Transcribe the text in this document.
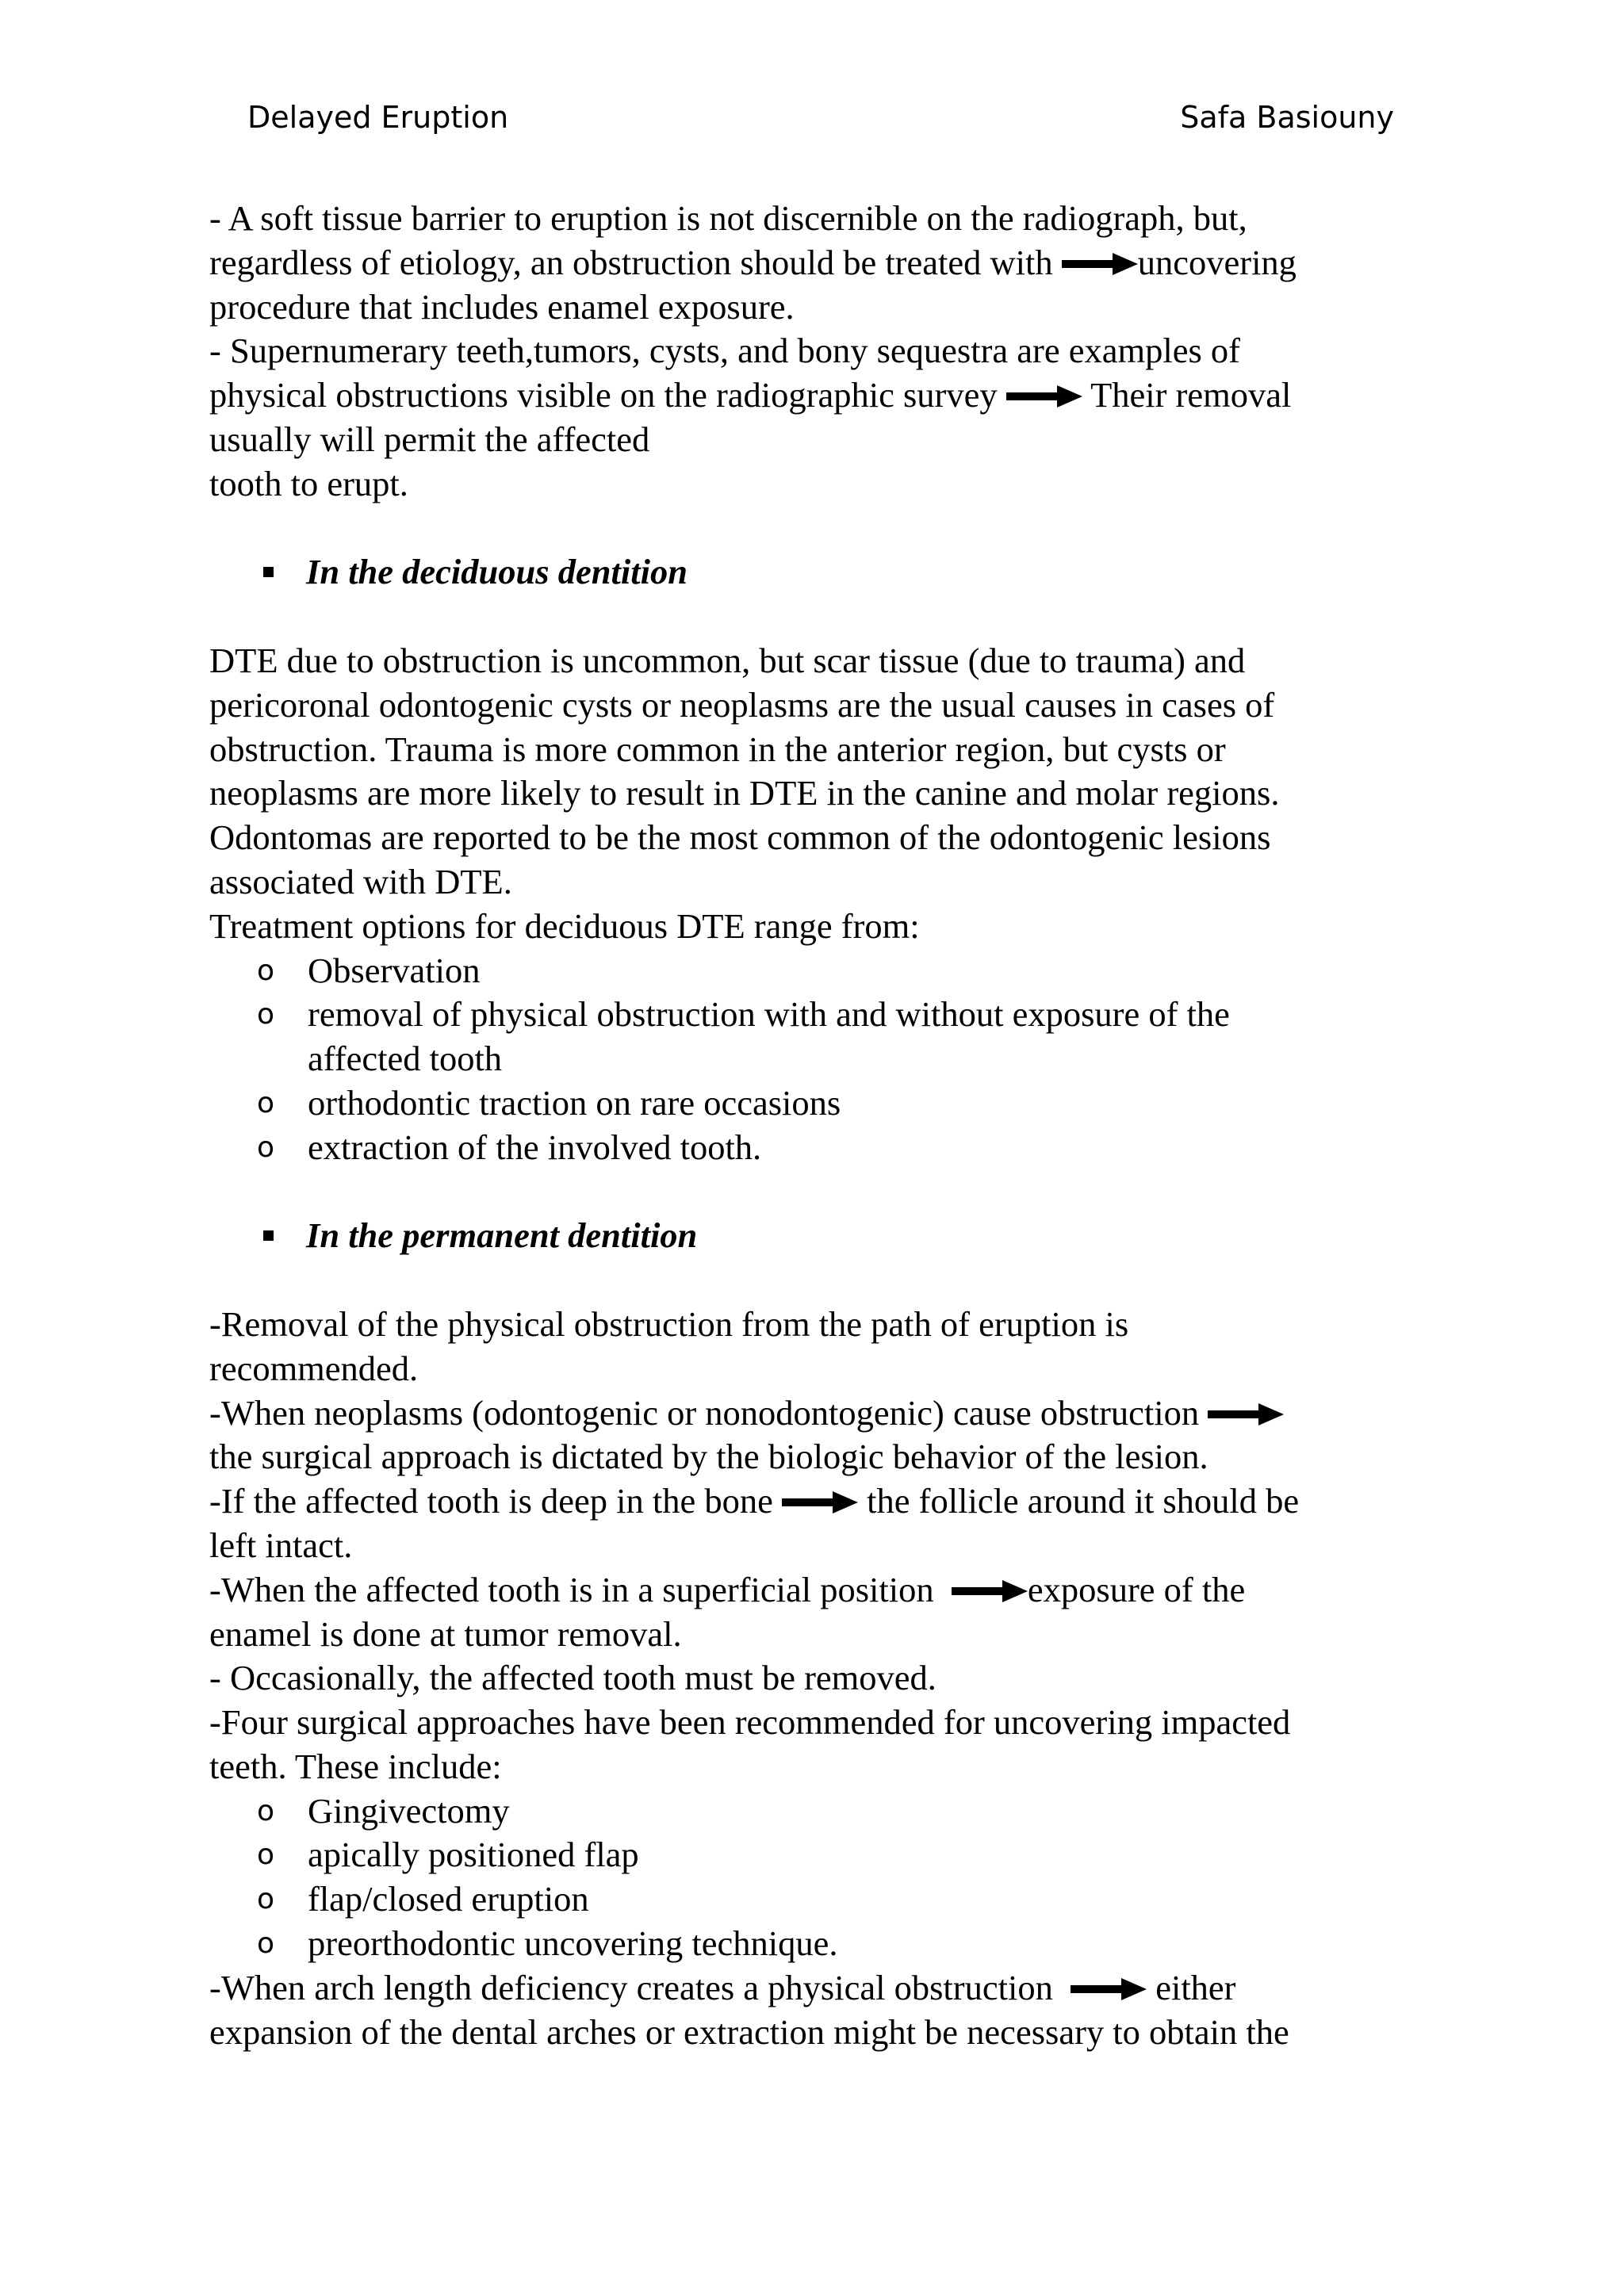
Delayed Eruption	Safa Basiouny
- A soft tissue barrier to eruption is not discernible on the radiograph, but,
regardless of etiology, an obstruction should be treated with uncovering
procedure that includes enamel exposure.
- Supernumerary teeth,tumors, cysts, and bony sequestra are examples of
physical obstructions visible on the radiographic survey
Their removal
usually will permit the affected
tooth to erupt.
In the deciduous dentition
DTE due to obstruction is uncommon, but scar tissue (due to trauma) and
pericoronal odontogenic cysts or neoplasms are the usual causes in cases of
obstruction. Trauma is more common in the anterior region, but cysts or
neoplasms are more likely to result in DTE in the canine and molar regions.
Odontomas are reported to be the most common of the odontogenic lesions
associated with DTE.
Treatment options for deciduous DTE range from:
o Observation
o removal of physical obstruction with and without exposure of the
affected tooth
o orthodontic traction on rare occasions
o extraction of the involved tooth.
In the permanent dentition
-Removal of the physical obstruction from the path of eruption is
recommended.
-When neoplasms (odontogenic or nonodontogenic) cause obstruction
the surgical approach is dictated by the biologic behavior of the lesion.
-If the affected tooth is deep in the bone
the follicle around it should be
left intact.
-When the affected tooth is in a superficial position	exposure of the
enamel is done at tumor removal.
- Occasionally, the affected tooth must be removed.
-Four surgical approaches have been recommended for uncovering impacted
teeth. These include:
o Gingivectomy
o apically positioned flap
o flap/closed eruption
o preorthodontic uncovering technique.
-When arch length deficiency creates a physical obstruction	either
expansion of the dental arches or extraction might be necessary to obtain the
